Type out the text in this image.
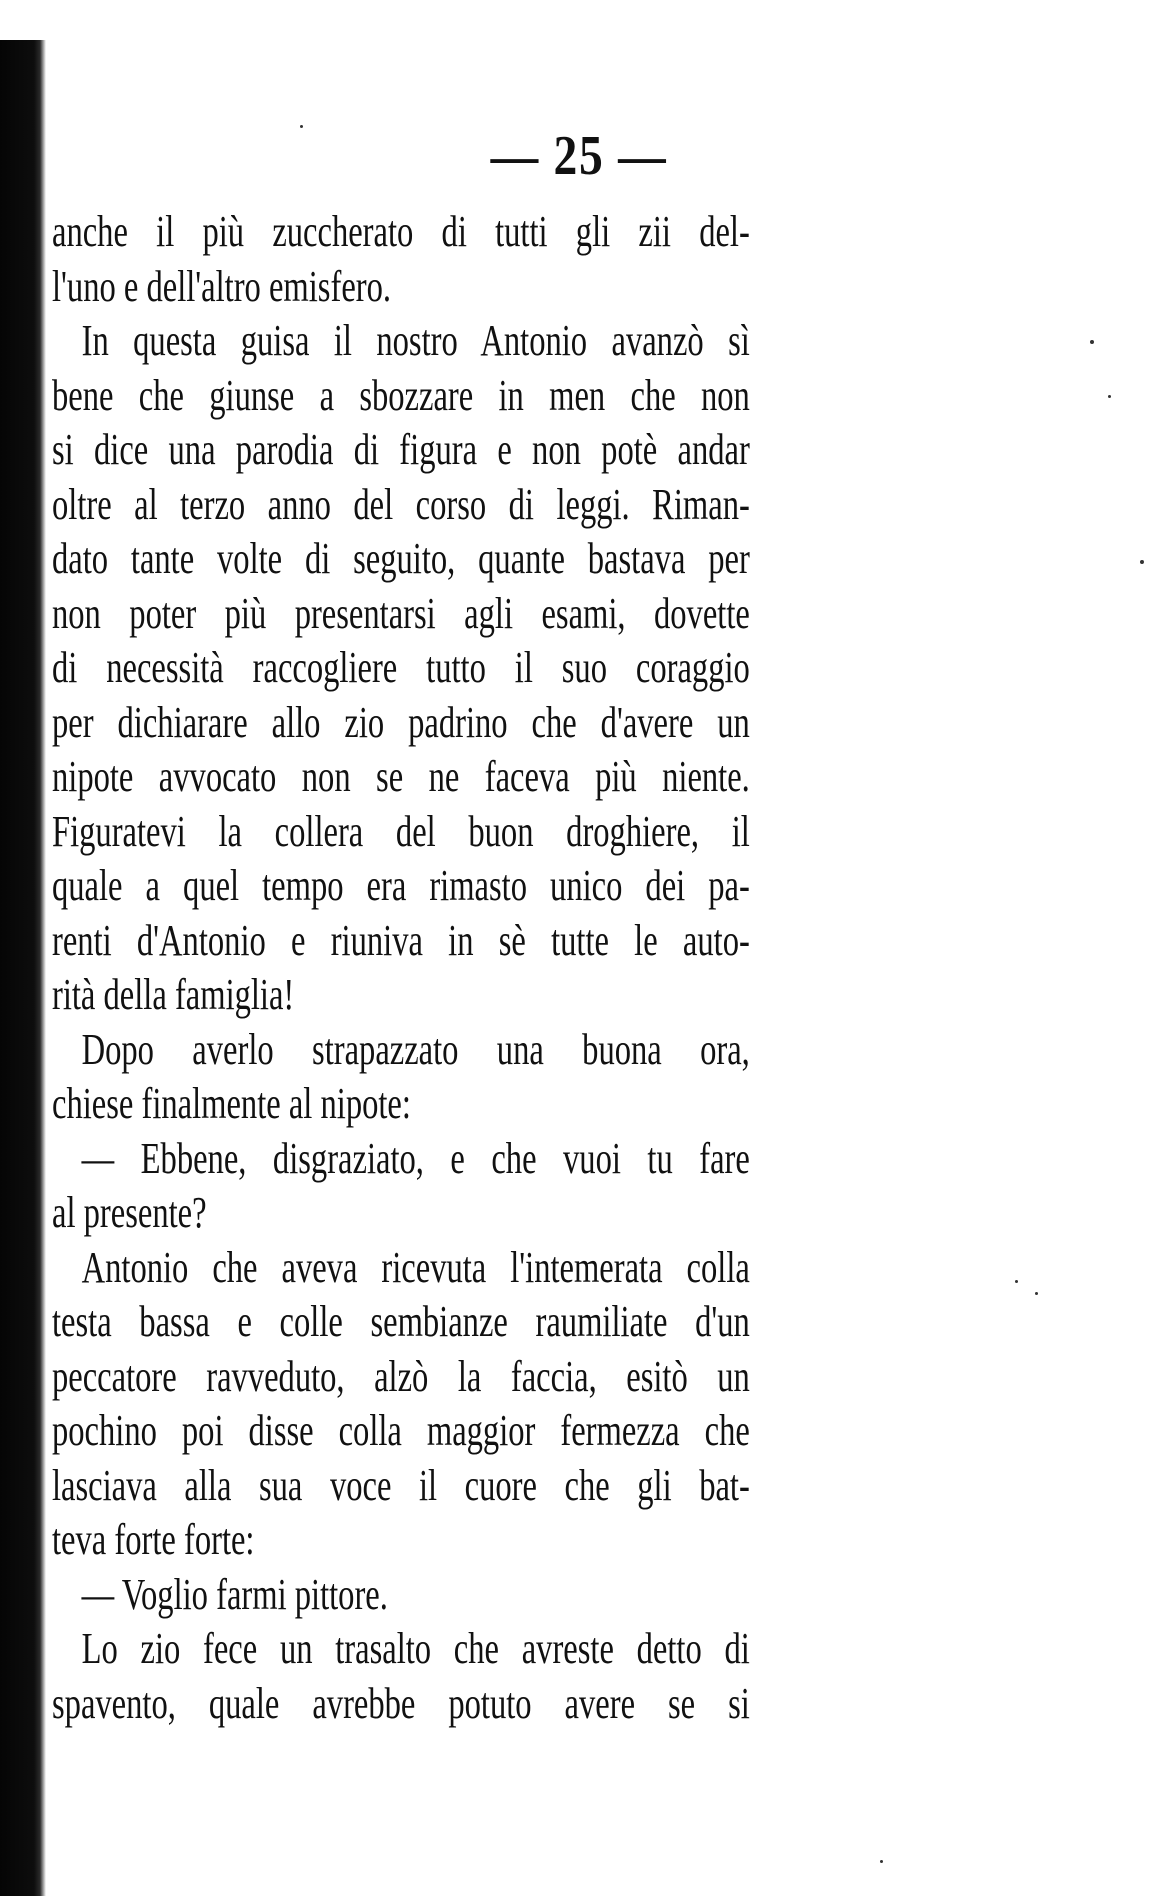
— 25 —
anche il più zuccherato di tutti gli zii del-
l'uno e dell'altro emisfero.
In questa guisa il nostro Antonio avanzò sì
bene che giunse a sbozzare in men che non
si dice una parodia di figura e non potè andar
oltre al terzo anno del corso di leggi. Riman-
dato tante volte di seguito, quante bastava per
non poter più presentarsi agli esami, dovette
di necessità raccogliere tutto il suo coraggio
per dichiarare allo zio padrino che d'avere un
nipote avvocato non se ne faceva più niente.
Figuratevi la collera del buon droghiere, il
quale a quel tempo era rimasto unico dei pa-
renti d'Antonio e riuniva in sè tutte le auto-
rità della famiglia!
Dopo averlo strapazzato una buona ora,
chiese finalmente al nipote:
— Ebbene, disgraziato, e che vuoi tu fare
al presente?
Antonio che aveva ricevuta l'intemerata colla
testa bassa e colle sembianze raumiliate d'un
peccatore ravveduto, alzò la faccia, esitò un
pochino poi disse colla maggior fermezza che
lasciava alla sua voce il cuore che gli bat-
teva forte forte:
— Voglio farmi pittore.
Lo zio fece un trasalto che avreste detto di
spavento, quale avrebbe potuto avere se si
